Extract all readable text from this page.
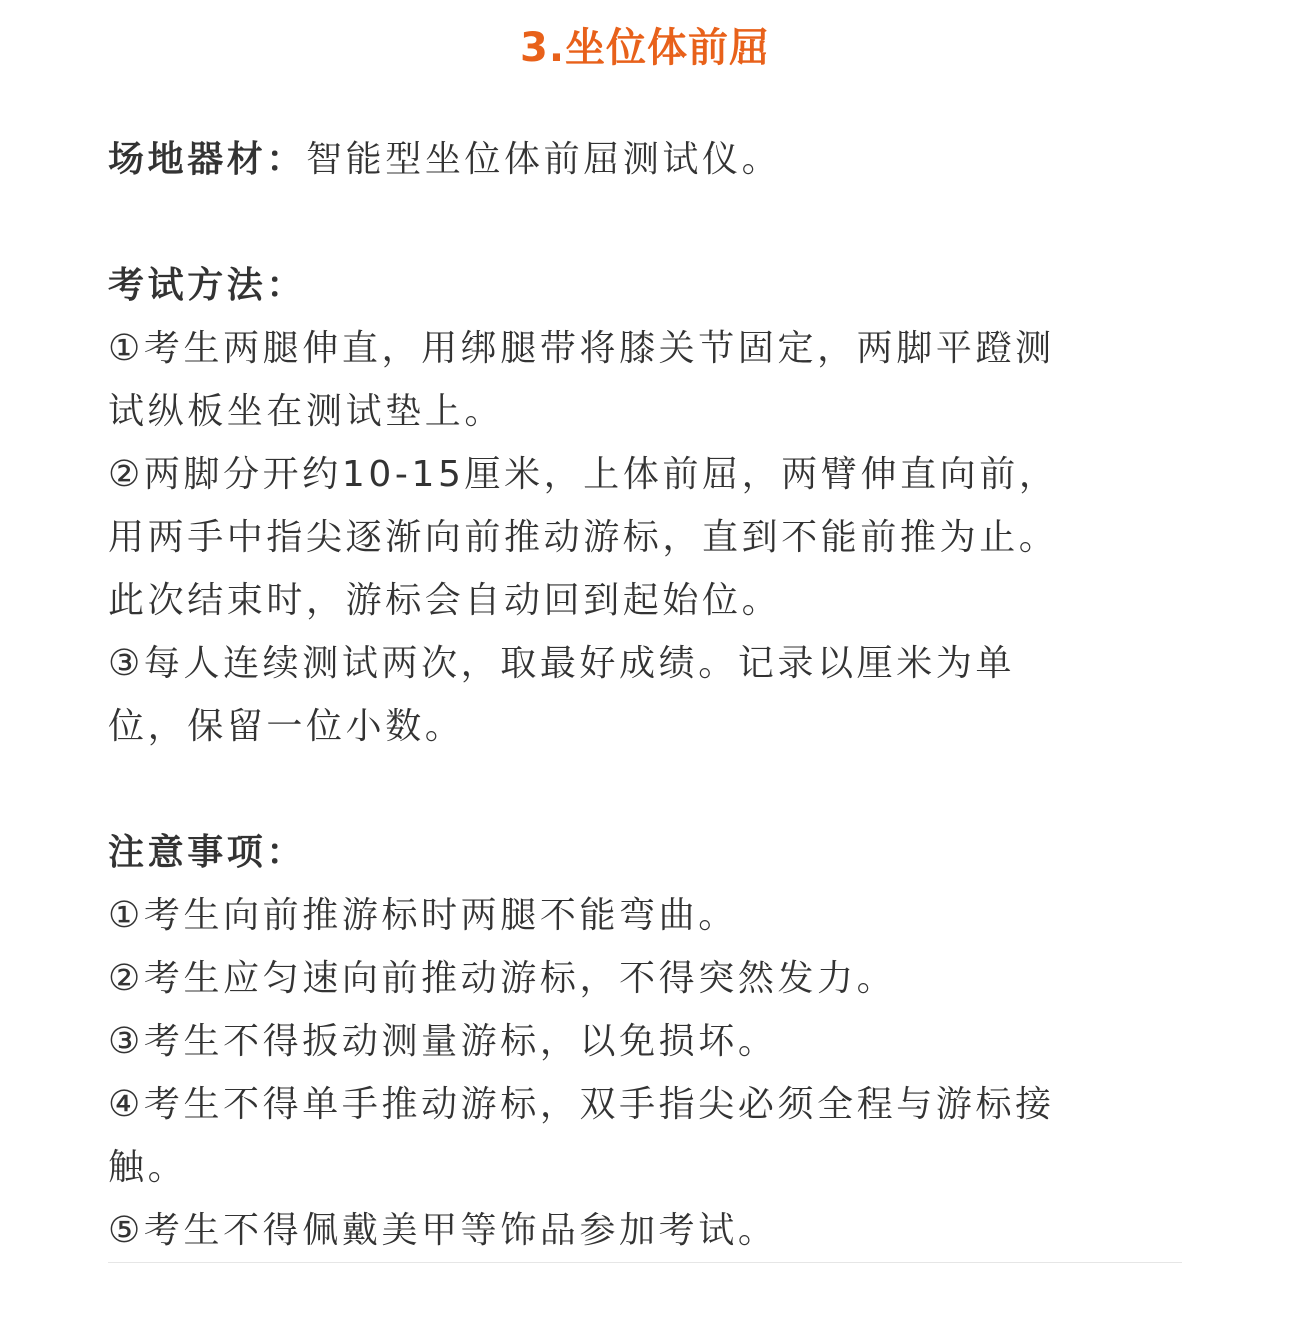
3.坐位体前屈
场地器材：智能型坐位体前屈测试仪。
考试方法：
①考生两腿伸直，用绑腿带将膝关节固定，两脚平蹬测
试纵板坐在测试垫上。
②两脚分开约10-15厘米，上体前屈，两臂伸直向前，
用两手中指尖逐渐向前推动游标，直到不能前推为止。
此次结束时，游标会自动回到起始位。
③每人连续测试两次，取最好成绩。记录以厘米为单
位，保留一位小数。
注意事项：
①考生向前推游标时两腿不能弯曲。
②考生应匀速向前推动游标，不得突然发力。
③考生不得扳动测量游标，以免损坏。
④考生不得单手推动游标，双手指尖必须全程与游标接
触。
⑤考生不得佩戴美甲等饰品参加考试。
